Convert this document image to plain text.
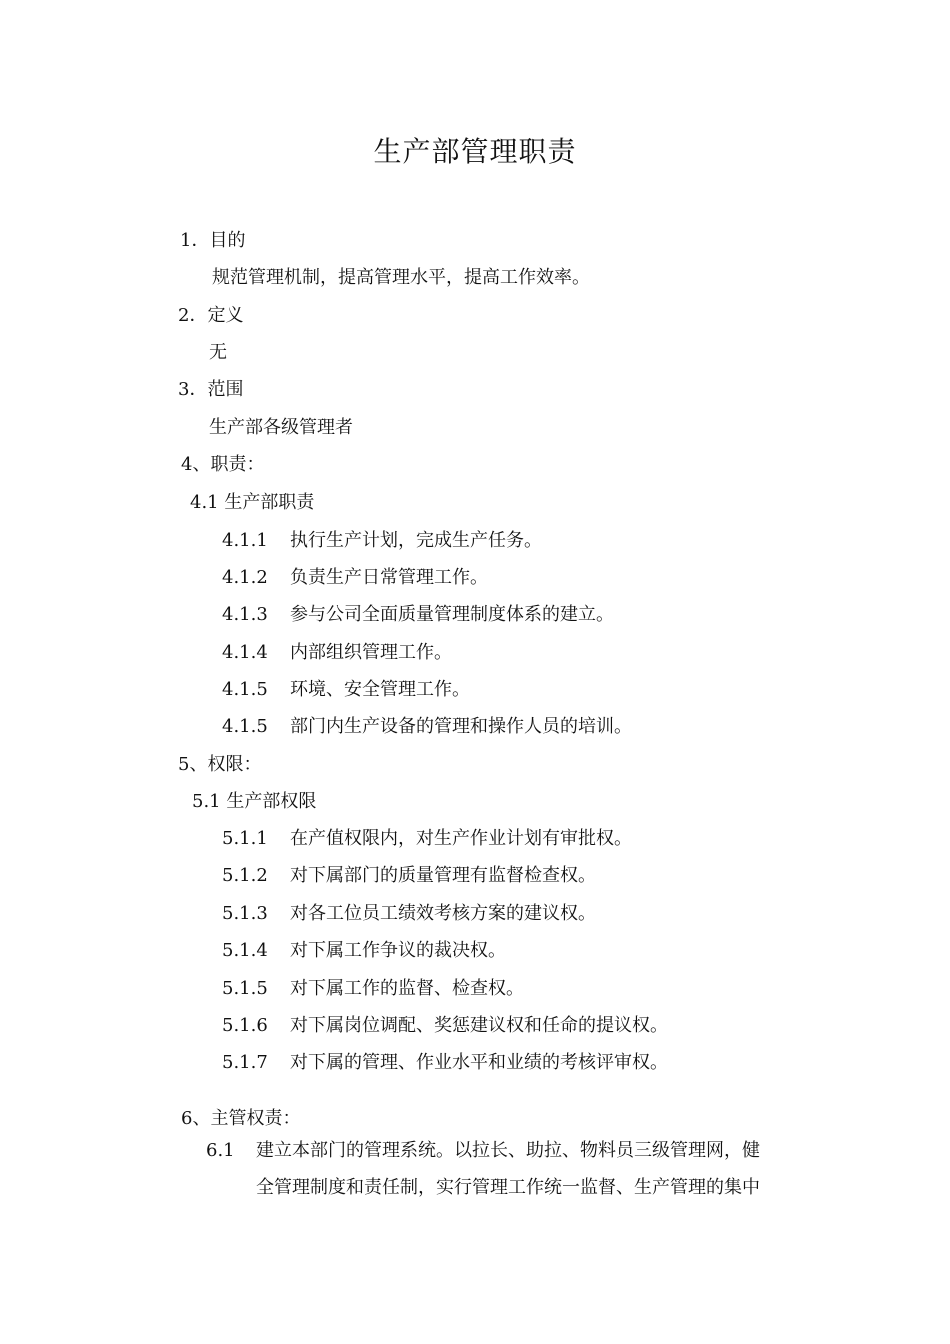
生产部管理职责
1．目的
规范管理机制，提高管理水平，提高工作效率。
2．定义
无
3．范围
生产部各级管理者
4、职责：
4.1 生产部职责
4.1.1 执行生产计划，完成生产任务。
4.1.2 负责生产日常管理工作。
4.1.3 参与公司全面质量管理制度体系的建立。
4.1.4 内部组织管理工作。
4.1.5 环境、安全管理工作。
4.1.5 部门内生产设备的管理和操作人员的培训。
5、权限：
5.1 生产部权限
5.1.1 在产值权限内，对生产作业计划有审批权。
5.1.2 对下属部门的质量管理有监督检查权。
5.1.3 对各工位员工绩效考核方案的建议权。
5.1.4 对下属工作争议的裁决权。
5.1.5 对下属工作的监督、检查权。
5.1.6 对下属岗位调配、奖惩建议权和任命的提议权。
5.1.7 对下属的管理、作业水平和业绩的考核评审权。
6、主管权责：
6.1 建立本部门的管理系统。以拉长、助拉、物料员三级管理网，健
全管理制度和责任制，实行管理工作统一监督、生产管理的集中
